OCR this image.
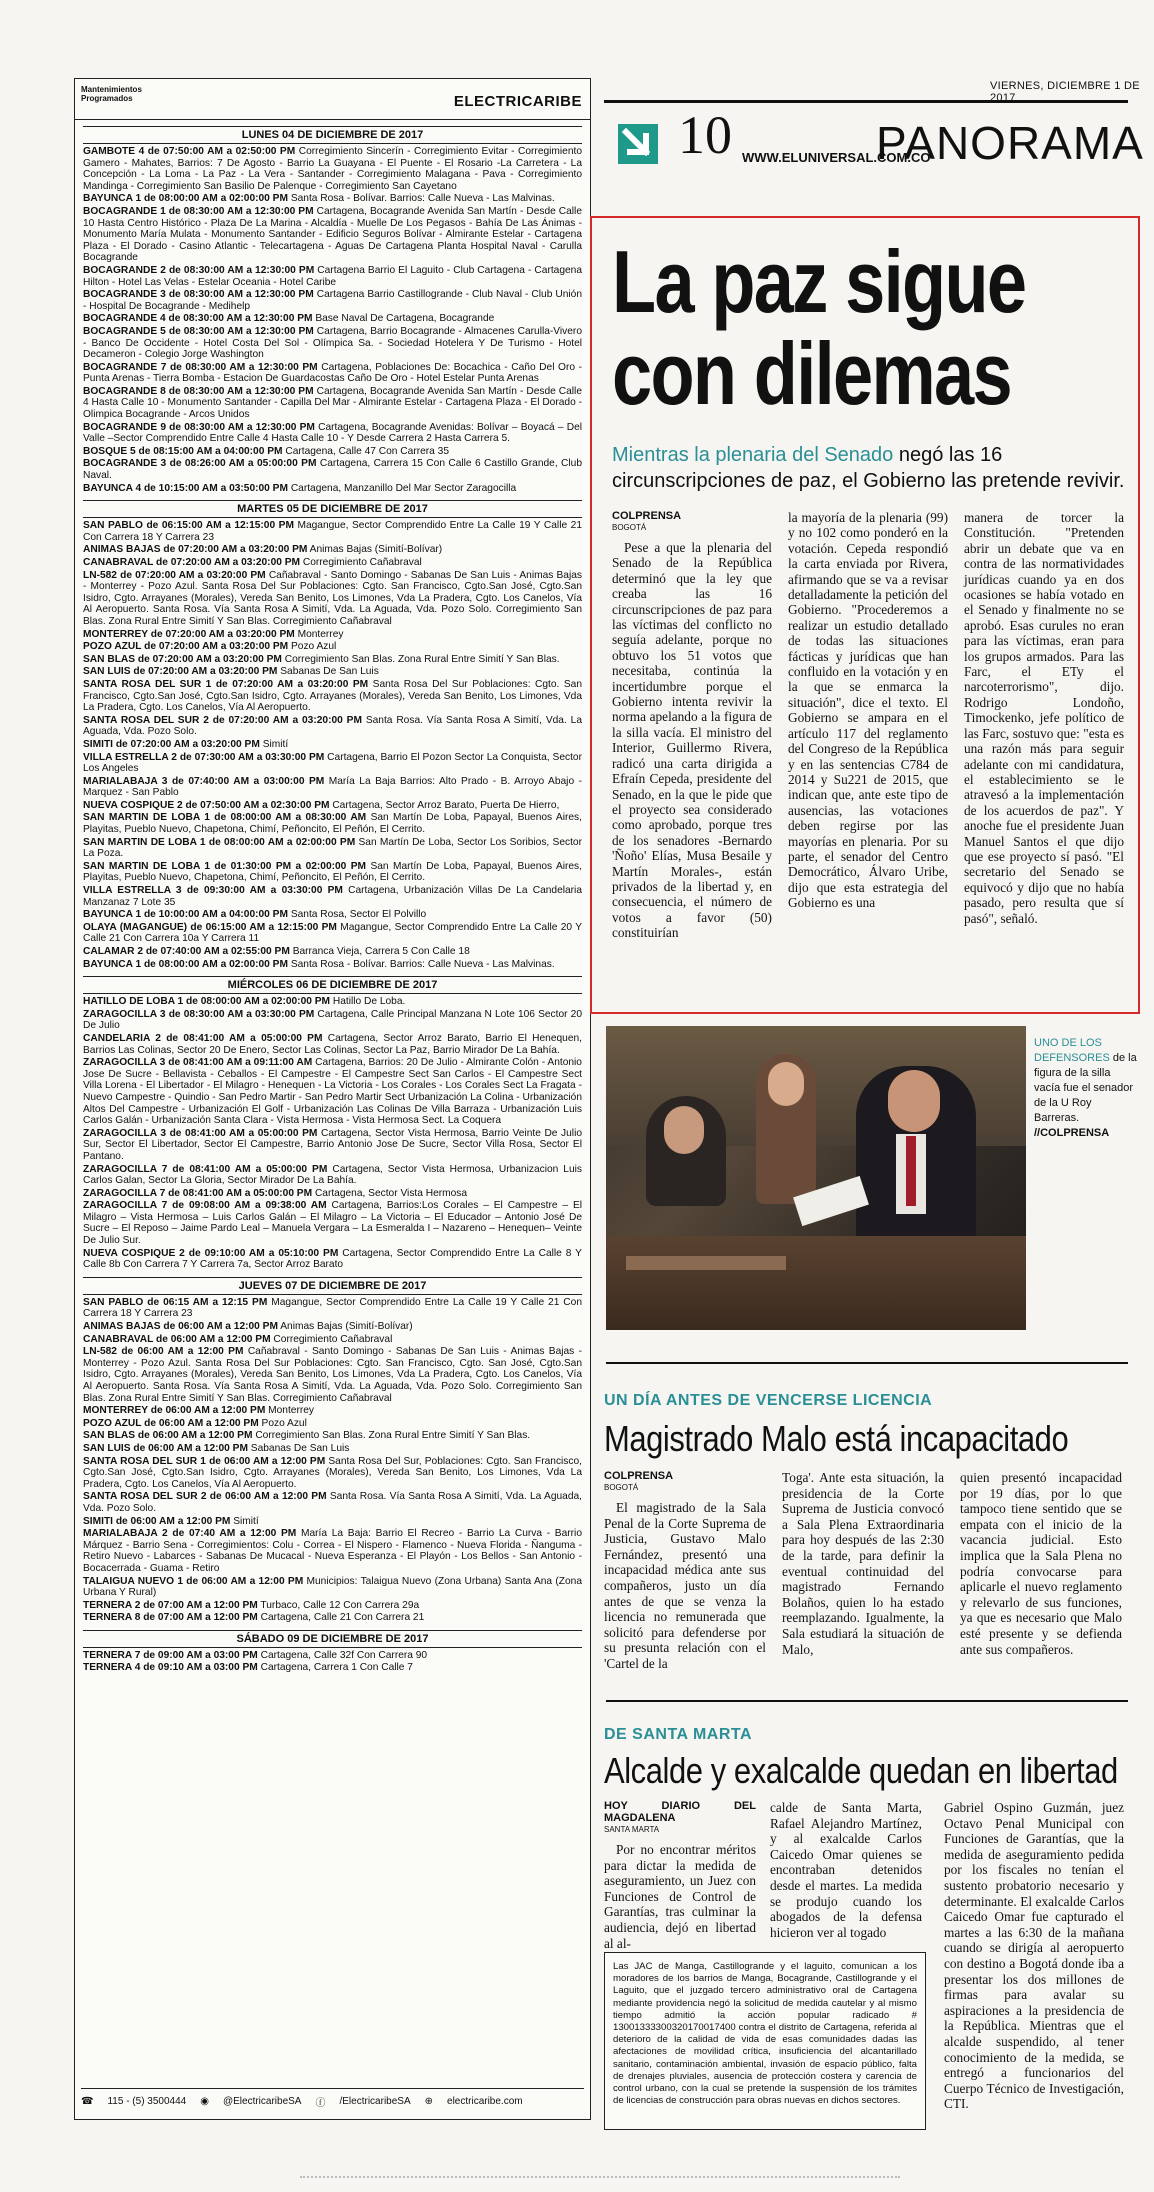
Mantenimientos
Programados	ELECTRICARIBE
LUNES 04 DE DICIEMBRE DE 2017
GAMBOTE 4 de 07:50:00 AM a 02:50:00 PM Corregimiento Sincerín - Corregimiento Evitar - Corregimiento Gamero - Mahates, Barrios: 7 De Agosto - Barrio La Guayana - El Puente - El Rosario -La Carretera - La Concepción - La Loma - La Paz - La Vera - Santander - Corregimiento Malagana - Pava - Corregimiento Mandinga - Corregimiento San Basilio De Palenque - Corregimiento San Cayetano
BAYUNCA 1 de 08:00:00 AM a 02:00:00 PM Santa Rosa - Bolívar. Barrios: Calle Nueva - Las Malvinas.
BOCAGRANDE 1 de 08:30:00 AM a 12:30:00 PM Cartagena, Bocagrande Avenida San Martín - Desde Calle 10 Hasta Centro Histórico - Plaza De La Marina - Alcaldía - Muelle De Los Pegasos - Bahía De Las Ánimas - Monumento María Mulata - Monumento Santander - Edificio Seguros Bolívar - Almirante Estelar - Cartagena Plaza - El Dorado - Casino Atlantic - Telecartagena - Aguas De Cartagena Planta Hospital Naval - Carulla Bocagrande
BOCAGRANDE 2 de 08:30:00 AM a 12:30:00 PM Cartagena Barrio El Laguito - Club Cartagena - Cartagena Hilton - Hotel Las Velas - Estelar Oceania - Hotel Caribe
BOCAGRANDE 3 de 08:30:00 AM a 12:30:00 PM Cartagena Barrio Castillogrande - Club Naval - Club Unión - Hospital De Bocagrande - Medihelp
BOCAGRANDE 4 de 08:30:00 AM a 12:30:00 PM Base Naval De Cartagena, Bocagrande
BOCAGRANDE 5 de 08:30:00 AM a 12:30:00 PM Cartagena, Barrio Bocagrande - Almacenes Carulla-Vivero - Banco De Occidente - Hotel Costa Del Sol - Olímpica Sa. - Sociedad Hotelera Y De Turismo - Hotel Decameron - Colegio Jorge Washington
BOCAGRANDE 7 de 08:30:00 AM a 12:30:00 PM Cartagena, Poblaciones De: Bocachica - Caño Del Oro - Punta Arenas - Tierra Bomba - Estacion De Guardacostas Caño De Oro - Hotel Estelar Punta Arenas
BOCAGRANDE 8 de 08:30:00 AM a 12:30:00 PM Cartagena, Bocagrande Avenida San Martín - Desde Calle 4 Hasta Calle 10 - Monumento Santander - Capilla Del Mar - Almirante Estelar - Cartagena Plaza - El Dorado - Olimpica Bocagrande - Arcos Unidos
BOCAGRANDE 9 de 08:30:00 AM a 12:30:00 PM Cartagena, Bocagrande Avenidas: Bolívar – Boyacá – Del Valle –Sector Comprendido Entre Calle 4 Hasta Calle 10 - Y Desde Carrera 2 Hasta Carrera 5.
BOSQUE 5 de 08:15:00 AM a 04:00:00 PM Cartagena, Calle 47 Con Carrera 35
BOCAGRANDE 3 de 08:26:00 AM a 05:00:00 PM Cartagena, Carrera 15 Con Calle 6 Castillo Grande, Club Naval.
BAYUNCA 4 de 10:15:00 AM a 03:50:00 PM Cartagena, Manzanillo Del Mar Sector Zaragocilla
MARTES 05 DE DICIEMBRE DE 2017
SAN PABLO de 06:15:00 AM a 12:15:00 PM Magangue, Sector Comprendido Entre La Calle 19 Y Calle 21 Con Carrera 18 Y Carrera 23
ANIMAS BAJAS de 07:20:00 AM a 03:20:00 PM Animas Bajas (Simití-Bolívar)
CANABRAVAL de 07:20:00 AM a 03:20:00 PM Corregimiento Cañabraval
LN-582 de 07:20:00 AM a 03:20:00 PM Cañabraval - Santo Domingo - Sabanas De San Luis - Animas Bajas - Monterrey - Pozo Azul. Santa Rosa Del Sur Poblaciones: Cgto. San Francisco, Cgto.San José, Cgto.San Isidro, Cgto. Arrayanes (Morales), Vereda San Benito, Los Limones, Vda La Pradera, Cgto. Los Canelos, Vía Al Aeropuerto. Santa Rosa. Vía Santa Rosa A Simití, Vda. La Aguada, Vda. Pozo Solo. Corregimiento San Blas. Zona Rural Entre Simití Y San Blas. Corregimiento Cañabraval
MONTERREY de 07:20:00 AM a 03:20:00 PM Monterrey
POZO AZUL de 07:20:00 AM a 03:20:00 PM Pozo Azul
SAN BLAS de 07:20:00 AM a 03:20:00 PM Corregimiento San Blas. Zona Rural Entre Simití Y San Blas.
SAN LUIS de 07:20:00 AM a 03:20:00 PM Sabanas De San Luis
SANTA ROSA DEL SUR 1 de 07:20:00 AM a 03:20:00 PM Santa Rosa Del Sur Poblaciones: Cgto. San Francisco, Cgto.San José, Cgto.San Isidro, Cgto. Arrayanes (Morales), Vereda San Benito, Los Limones, Vda La Pradera, Cgto. Los Canelos, Vía Al Aeropuerto.
SANTA ROSA DEL SUR 2 de 07:20:00 AM a 03:20:00 PM Santa Rosa. Vía Santa Rosa A Simití, Vda. La Aguada, Vda. Pozo Solo.
SIMITI de 07:20:00 AM a 03:20:00 PM Simití
VILLA ESTRELLA 2 de 07:30:00 AM a 03:30:00 PM Cartagena, Barrio El Pozon Sector La Conquista, Sector Los Angeles
MARIALABAJA 3 de 07:40:00 AM a 03:00:00 PM María La Baja Barrios: Alto Prado - B. Arroyo Abajo - Marquez - San Pablo
NUEVA COSPIQUE 2 de 07:50:00 AM a 02:30:00 PM Cartagena, Sector Arroz Barato, Puerta De Hierro,
SAN MARTIN DE LOBA 1 de 08:00:00 AM a 08:30:00 AM San Martín De Loba, Papayal, Buenos Aires, Playitas, Pueblo Nuevo, Chapetona, Chimí, Peñoncito, El Peñón, El Cerrito.
SAN MARTIN DE LOBA 1 de 08:00:00 AM a 02:00:00 PM San Martín De Loba, Sector Los Soribios, Sector La Poza.
SAN MARTIN DE LOBA 1 de 01:30:00 PM a 02:00:00 PM San Martín De Loba, Papayal, Buenos Aires, Playitas, Pueblo Nuevo, Chapetona, Chimí, Peñoncito, El Peñón, El Cerrito.
VILLA ESTRELLA 3 de 09:30:00 AM a 03:30:00 PM Cartagena, Urbanización Villas De La Candelaria Manzanaz 7 Lote 35
BAYUNCA 1 de 10:00:00 AM a 04:00:00 PM Santa Rosa, Sector El Polvillo
OLAYA (MAGANGUE) de 06:15:00 AM a 12:15:00 PM Magangue, Sector Comprendido Entre La Calle 20 Y Calle 21 Con Carrera 10a Y Carrera 11
CALAMAR 2 de 07:40:00 AM a 02:55:00 PM Barranca Vieja, Carrera 5 Con Calle 18
BAYUNCA 1 de 08:00:00 AM a 02:00:00 PM Santa Rosa - Bolívar. Barrios: Calle Nueva - Las Malvinas.
MIÉRCOLES 06 DE DICIEMBRE DE 2017
HATILLO DE LOBA 1 de 08:00:00 AM a 02:00:00 PM Hatillo De Loba.
ZARAGOCILLA 3 de 08:30:00 AM a 03:30:00 PM Cartagena, Calle Principal Manzana N Lote 106 Sector 20 De Julio
CANDELARIA 2 de 08:41:00 AM a 05:00:00 PM Cartagena, Sector Arroz Barato, Barrio El Henequen, Barrios Las Colinas, Sector 20 De Enero, Sector Las Colinas, Sector La Paz, Barrio Mirador De La Bahía.
ZARAGOCILLA 3 de 08:41:00 AM a 09:11:00 AM Cartagena, Barrios: 20 De Julio - Almirante Colón - Antonio Jose De Sucre - Bellavista - Ceballos - El Campestre - El Campestre Sect San Carlos - El Campestre Sect Villa Lorena - El Libertador - El Milagro - Henequen - La Victoria - Los Corales - Los Corales Sect La Fragata - Nuevo Campestre - Quindio - San Pedro Martir - San Pedro Martir Sect Urbanización La Colina - Urbanización Altos Del Campestre - Urbanización El Golf - Urbanización Las Colinas De Villa Barraza - Urbanización Luis Carlos Galán - Urbanización Santa Clara - Vista Hermosa - Vista Hermosa Sect. La Coquera
ZARAGOCILLA 3 de 08:41:00 AM a 05:00:00 PM Cartagena, Sector Vista Hermosa, Barrio Veinte De Julio Sur, Sector El Libertador, Sector El Campestre, Barrio Antonio Jose De Sucre, Sector Villa Rosa, Sector El Pantano.
ZARAGOCILLA 7 de 08:41:00 AM a 05:00:00 PM Cartagena, Sector Vista Hermosa, Urbanizacion Luis Carlos Galan, Sector La Gloria, Sector Mirador De La Bahía.
ZARAGOCILLA 7 de 08:41:00 AM a 05:00:00 PM Cartagena, Sector Vista Hermosa
ZARAGOCILLA 7 de 09:08:00 AM a 09:38:00 AM Cartagena, Barrios:Los Corales – El Campestre – El Milagro – Vista Hermosa – Luis Carlos Galán – El Milagro – La Victoria – El Educador – Antonio José De Sucre – El Reposo – Jaime Pardo Leal – Manuela Vergara – La Esmeralda I – Nazareno – Henequen– Veinte De Julio Sur.
NUEVA COSPIQUE 2 de 09:10:00 AM a 05:10:00 PM Cartagena, Sector Comprendido Entre La Calle 8 Y Calle 8b Con Carrera 7 Y Carrera 7a, Sector Arroz Barato
JUEVES 07 DE DICIEMBRE DE 2017
SAN PABLO de 06:15 AM a 12:15 PM Magangue, Sector Comprendido Entre La Calle 19 Y Calle 21 Con Carrera 18 Y Carrera 23
ANIMAS BAJAS de 06:00 AM a 12:00 PM Animas Bajas (Simití-Bolívar)
CANABRAVAL de 06:00 AM a 12:00 PM Corregimiento Cañabraval
LN-582 de 06:00 AM a 12:00 PM Cañabraval - Santo Domingo - Sabanas De San Luis - Animas Bajas - Monterrey - Pozo Azul. Santa Rosa Del Sur Poblaciones: Cgto. San Francisco, Cgto. San José, Cgto.San Isidro, Cgto. Arrayanes (Morales), Vereda San Benito, Los Limones, Vda La Pradera, Cgto. Los Canelos, Vía Al Aeropuerto. Santa Rosa. Vía Santa Rosa A Simití, Vda. La Aguada, Vda. Pozo Solo. Corregimiento San Blas. Zona Rural Entre Simití Y San Blas. Corregimiento Cañabraval
MONTERREY de 06:00 AM a 12:00 PM Monterrey
POZO AZUL de 06:00 AM a 12:00 PM Pozo Azul
SAN BLAS de 06:00 AM a 12:00 PM Corregimiento San Blas. Zona Rural Entre Simití Y San Blas.
SAN LUIS de 06:00 AM a 12:00 PM Sabanas De San Luis
SANTA ROSA DEL SUR 1 de 06:00 AM a 12:00 PM Santa Rosa Del Sur, Poblaciones: Cgto. San Francisco, Cgto.San José, Cgto.San Isidro, Cgto. Arrayanes (Morales), Vereda San Benito, Los Limones, Vda La Pradera, Cgto. Los Canelos, Vía Al Aeropuerto.
SANTA ROSA DEL SUR 2 de 06:00 AM a 12:00 PM Santa Rosa. Vía Santa Rosa A Simití, Vda. La Aguada, Vda. Pozo Solo.
SIMITI de 06:00 AM a 12:00 PM Simití
MARIALABAJA 2 de 07:40 AM a 12:00 PM María La Baja: Barrio El Recreo - Barrio La Curva - Barrio Márquez - Barrio Sena - Corregimientos: Colu - Correa - El Nispero - Flamenco - Nueva Florida - Ñanguma - Retiro Nuevo - Labarces - Sabanas De Mucacal - Nueva Esperanza - El Playón - Los Bellos - San Antonio - Bocacerrada - Guama - Retiro
TALAIGUA NUEVO 1 de 06:00 AM a 12:00 PM Municipios: Talaigua Nuevo (Zona Urbana) Santa Ana (Zona Urbana Y Rural)
TERNERA 2 de 07:00 AM a 12:00 PM Turbaco, Calle 12 Con Carrera 29a
TERNERA 8 de 07:00 AM a 12:00 PM Cartagena, Calle 21 Con Carrera 21
SÁBADO 09 DE DICIEMBRE DE 2017
TERNERA 7 de 09:00 AM a 03:00 PM Cartagena, Calle 32f Con Carrera 90
TERNERA 4 de 09:10 AM a 03:00 PM Cartagena, Carrera 1 Con Calle 7
☎ 115 - (5) 3500444 ◉ @ElectricaribeSA ⓕ /ElectricaribeSA ⊕ electricaribe.com
VIERNES, DICIEMBRE 1 DE 2017
10 WWW.ELUNIVERSAL.COM.CO
PANORAMA
La paz sigue
con dilemas
Mientras la plenaria del Senado negó las 16 circunscripciones de paz, el Gobierno las pretende revivir.
COLPRENSA
BOGOTÁ

Pese a que la plenaria del Senado de la República determinó que la ley que creaba las 16 circunscripciones de paz para las víctimas del conflicto no seguía adelante, porque no obtuvo los 51 votos que necesitaba, continúa la incertidumbre porque el Gobierno intenta revivir la norma apelando a la figura de la silla vacía. El ministro del Interior, Guillermo Rivera, radicó una carta dirigida a Efraín Cepeda, presidente del Senado, en la que le pide que el proyecto sea considerado como aprobado, porque tres de los senadores -Bernardo 'Ñoño' Elías, Musa Besaile y Martín Morales-, están privados de la libertad y, en consecuencia, el número de votos a favor (50) constituirían

la mayoría de la plenaria (99) y no 102 como ponderó en la votación. Cepeda respondió la carta enviada por Rivera, afirmando que se va a revisar detalladamente la petición del Gobierno. "Procederemos a realizar un estudio detallado de todas las situaciones fácticas y jurídicas que han confluido en la votación y en la que se enmarca la situación", dice el texto. El Gobierno se ampara en el artículo 117 del reglamento del Congreso de la República y en las sentencias C784 de 2014 y Su221 de 2015, que indican que, ante este tipo de ausencias, las votaciones deben regirse por las mayorías en plenaria. Por su parte, el senador del Centro Democrático, Álvaro Uribe, dijo que esta estrategia del Gobierno es una

manera de torcer la Constitución. "Pretenden abrir un debate que va en contra de las normatividades jurídicas cuando ya en dos ocasiones se había votado en el Senado y finalmente no se aprobó. Esas curules no eran para las víctimas, eran para los grupos armados. Para las Farc, el ETy el narcoterrorismo", dijo. Rodrigo Londoño, Timockenko, jefe político de las Farc, sostuvo que: "esta es una razón más para seguir adelante con mi candidatura, el establecimiento se le atravesó a la implementación de los acuerdos de paz". Y anoche fue el presidente Juan Manuel Santos el que dijo que ese proyecto sí pasó. "El secretario del Senado se equivocó y dijo que no había pasado, pero resulta que sí pasó", señaló.

UNO DE LOS DEFENSORES de la figura de la silla vacía fue el senador de la U Roy Barreras.
//COLPRENSA
UN DÍA ANTES DE VENCERSE LICENCIA
Magistrado Malo está incapacitado
COLPRENSA
BOGOTÁ

El magistrado de la Sala Penal de la Corte Suprema de Justicia, Gustavo Malo Fernández, presentó una incapacidad médica ante sus compañeros, justo un día antes de que se venza la licencia no remunerada que solicitó para defenderse por su presunta relación con el 'Cartel de la

Toga'. Ante esta situación, la presidencia de la Corte Suprema de Justicia convocó a Sala Plena Extraordinaria para hoy después de las 2:30 de la tarde, para definir la eventual continuidad del magistrado Fernando Bolaños, quien lo ha estado reemplazando. Igualmente, la Sala estudiará la situación de Malo,

quien presentó incapacidad por 19 días, por lo que tampoco tiene sentido que se empata con el inicio de la vacancia judicial. Esto implica que la Sala Plena no podría convocarse para aplicarle el nuevo reglamento y relevarlo de sus funciones, ya que es necesario que Malo esté presente y se defienda ante sus compañeros.

DE SANTA MARTA
Alcalde y exalcalde quedan en libertad
HOY DIARIO DEL MAGDALENA
SANTA MARTA

Por no encontrar méritos para dictar la medida de aseguramiento, un Juez con Funciones de Control de Garantías, tras culminar la audiencia, dejó en libertad al al-

calde de Santa Marta, Rafael Alejandro Martínez, y al exalcalde Carlos Caicedo Omar quienes se encontraban detenidos desde el martes. La medida se produjo cuando los abogados de la defensa hicieron ver al togado

Gabriel Ospino Guzmán, juez Octavo Penal Municipal con Funciones de Garantías, que la medida de aseguramiento pedida por los fiscales no tenían el sustento probatorio necesario y determinante. El exalcalde Carlos Caicedo Omar fue capturado el martes a las 6:30 de la mañana cuando se dirigía al aeropuerto con destino a Bogotá donde iba a presentar los dos millones de firmas para avalar su aspiraciones a la presidencia de la República. Mientras que el alcalde suspendido, al tener conocimiento de la medida, se entregó a funcionarios del Cuerpo Técnico de Investigación, CTI.

Las JAC de Manga, Castillogrande y el laguito, comunican a los moradores de los barrios de Manga, Bocagrande, Castillogrande y el Laguito, que el juzgado tercero administrativo oral de Cartagena mediante providencia negó la solicitud de medida cautelar y al mismo tiempo admitió la acción popular radicado # 13001333300320170017400 contra el distrito de Cartagena, referida al deterioro de la calidad de vida de esas comunidades dadas las afectaciones de movilidad crítica, insuficiencia del alcantarillado sanitario, contaminación ambiental, invasión de espacio público, falta de drenajes pluviales, ausencia de protección costera y carencia de control urbano, con la cual se pretende la suspensión de los trámites de licencias de construcción para obras nuevas en dichos sectores.
